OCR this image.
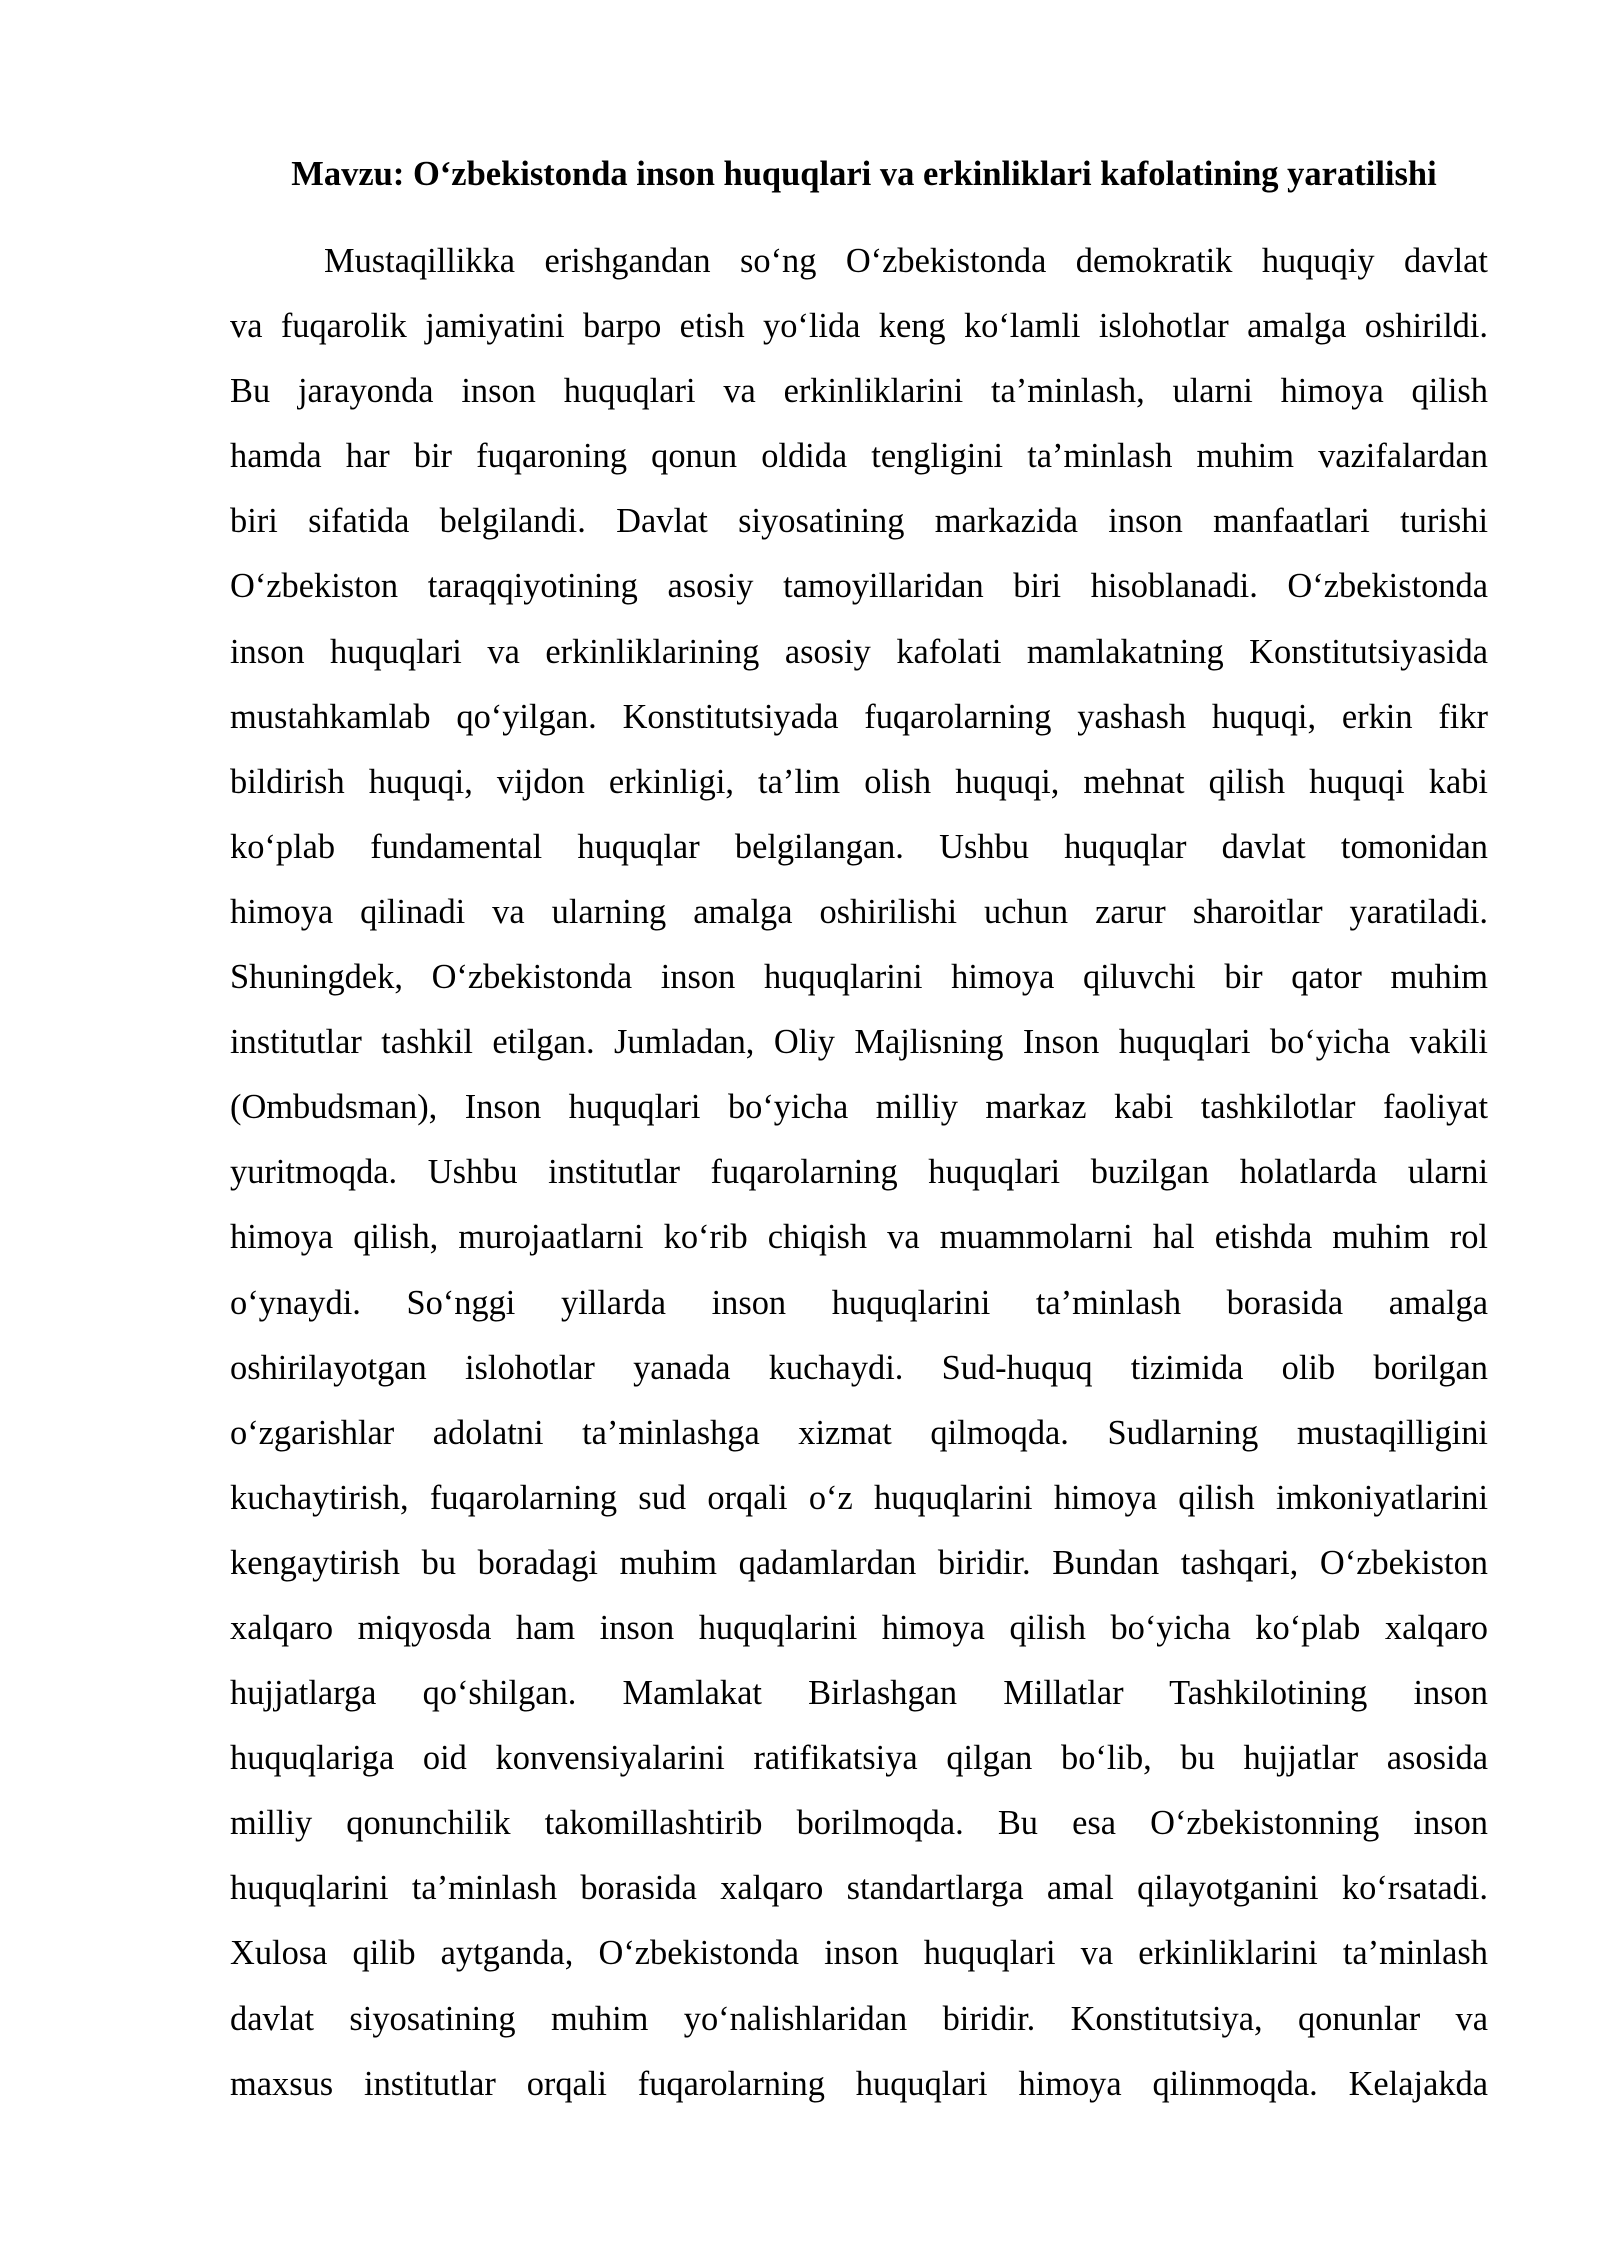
Mavzu: O‘zbekistonda inson huquqlari va erkinliklari kafolatining yaratilishi
Mustaqillikka erishgandan so‘ng O‘zbekistonda demokratik huquqiy davlat
va fuqarolik jamiyatini barpo etish yo‘lida keng ko‘lamli islohotlar amalga oshirildi.
Bu jarayonda inson huquqlari va erkinliklarini ta’minlash, ularni himoya qilish
hamda har bir fuqaroning qonun oldida tengligini ta’minlash muhim vazifalardan
biri sifatida belgilandi. Davlat siyosatining markazida inson manfaatlari turishi
O‘zbekiston taraqqiyotining asosiy tamoyillaridan biri hisoblanadi. O‘zbekistonda
inson huquqlari va erkinliklarining asosiy kafolati mamlakatning Konstitutsiyasida
mustahkamlab qo‘yilgan. Konstitutsiyada fuqarolarning yashash huquqi, erkin fikr
bildirish huquqi, vijdon erkinligi, ta’lim olish huquqi, mehnat qilish huquqi kabi
ko‘plab fundamental huquqlar belgilangan. Ushbu huquqlar davlat tomonidan
himoya qilinadi va ularning amalga oshirilishi uchun zarur sharoitlar yaratiladi.
Shuningdek, O‘zbekistonda inson huquqlarini himoya qiluvchi bir qator muhim
institutlar tashkil etilgan. Jumladan, Oliy Majlisning Inson huquqlari bo‘yicha vakili
(Ombudsman), Inson huquqlari bo‘yicha milliy markaz kabi tashkilotlar faoliyat
yuritmoqda. Ushbu institutlar fuqarolarning huquqlari buzilgan holatlarda ularni
himoya qilish, murojaatlarni ko‘rib chiqish va muammolarni hal etishda muhim rol
o‘ynaydi. So‘nggi yillarda inson huquqlarini ta’minlash borasida amalga
oshirilayotgan islohotlar yanada kuchaydi. Sud-huquq tizimida olib borilgan
o‘zgarishlar adolatni ta’minlashga xizmat qilmoqda. Sudlarning mustaqilligini
kuchaytirish, fuqarolarning sud orqali o‘z huquqlarini himoya qilish imkoniyatlarini
kengaytirish bu boradagi muhim qadamlardan biridir. Bundan tashqari, O‘zbekiston
xalqaro miqyosda ham inson huquqlarini himoya qilish bo‘yicha ko‘plab xalqaro
hujjatlarga qo‘shilgan. Mamlakat Birlashgan Millatlar Tashkilotining inson
huquqlariga oid konvensiyalarini ratifikatsiya qilgan bo‘lib, bu hujjatlar asosida
milliy qonunchilik takomillashtirib borilmoqda. Bu esa O‘zbekistonning inson
huquqlarini ta’minlash borasida xalqaro standartlarga amal qilayotganini ko‘rsatadi.
Xulosa qilib aytganda, O‘zbekistonda inson huquqlari va erkinliklarini ta’minlash
davlat siyosatining muhim yo‘nalishlaridan biridir. Konstitutsiya, qonunlar va
maxsus institutlar orqali fuqarolarning huquqlari himoya qilinmoqda. Kelajakda
